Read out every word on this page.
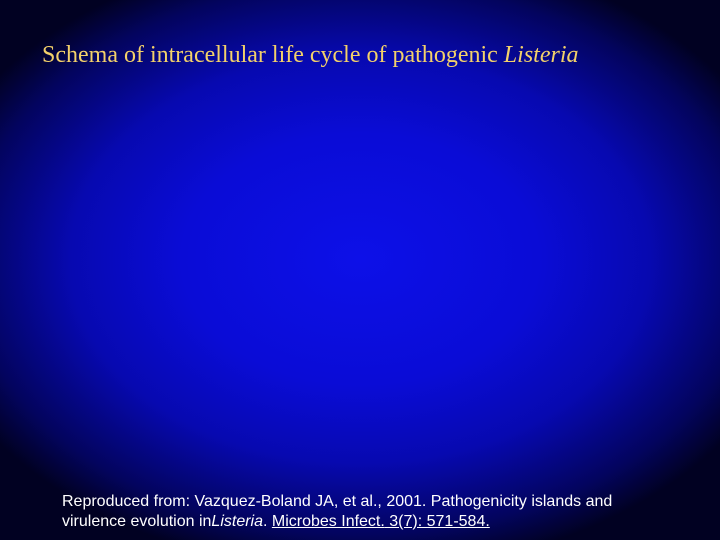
Schema of intracellular life cycle of pathogenic Listeria

Reproduced from: Vazquez-Boland JA, et al., 2001. Pathogenicity islands and
virulence evolution inListeria. Microbes Infect. 3(7): 571-584.
